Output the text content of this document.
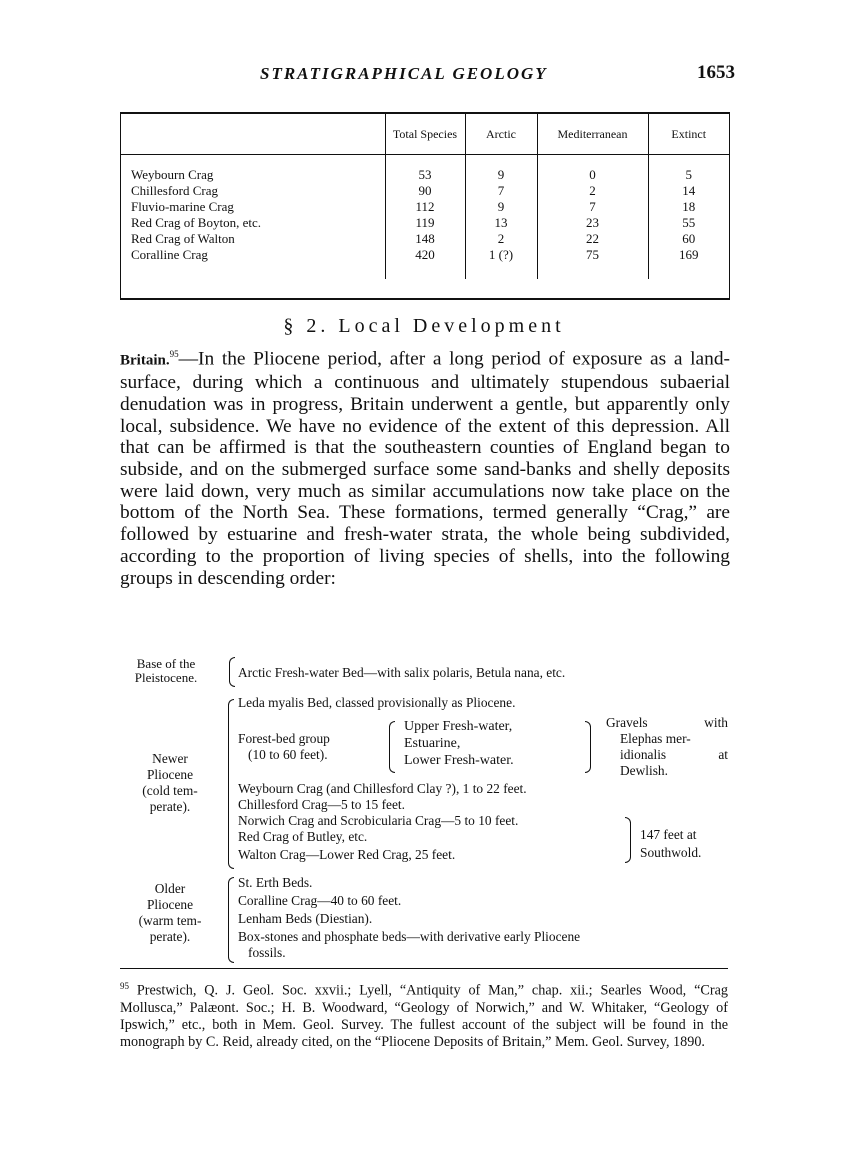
STRATIGRAPHICAL GEOLOGY	1653
	Total Species	Arctic	Mediterranean	Extinct

Weybourn Crag	53	9	0	5
Chillesford Crag	90	7	2	14
Fluvio-marine Crag	112	9	7	18
Red Crag of Boyton, etc.	119	13	23	55
Red Crag of Walton	148	2	22	60
Coralline Crag	420	1 (?)	75	169

§ 2. Local Development
Britain.$^{95}$—In the Pliocene period, after a long period of exposure as a land-surface, during which a continuous and ultimately stupendous subaerial denudation was in progress, Britain underwent a gentle, but apparently only local, subsidence. We have no evidence of the extent of this depression. All that can be affirmed is that the southeastern counties of England began to subside, and on the submerged surface some sand-banks and shelly deposits were laid down, very much as similar accumulations now take place on the bottom of the North Sea. These formations, termed generally “Crag,” are followed by estuarine and fresh-water strata, the whole being subdivided, according to the proportion of living species of shells, into the following groups in descending order:
Base of the
Pleistocene.	Arctic Fresh-water Bed—with salix polaris, Betula nana, etc.
Newer
Pliocene
(cold tem-
perate).
Leda myalis Bed, classed provisionally as Pliocene.
Forest-bed group
(10 to 60 feet).
Upper Fresh-water,
Estuarine,
Lower Fresh-water.
Gravels with
Elephas mer-
idionalis at
Dewlish.
Weybourn Crag (and Chillesford Clay ?), 1 to 22 feet.
Chillesford Crag—5 to 15 feet.
Norwich Crag and Scrobicularia Crag—5 to 10 feet.
Red Crag of Butley, etc.
Walton Crag—Lower Red Crag, 25 feet.
147 feet at
Southwold.
Older
Pliocene
(warm tem-
perate).
St. Erth Beds.
Coralline Crag—40 to 60 feet.
Lenham Beds (Diestian).
Box-stones and phosphate beds—with derivative early Pliocene
fossils.
$^{95}$ Prestwich, Q. J. Geol. Soc. xxvii.; Lyell, “Antiquity of Man,” chap. xii.; Searles Wood, “Crag Mollusca,” Palæont. Soc.; H. B. Woodward, “Geology of Norwich,” and W. Whitaker, “Geology of Ipswich,” etc., both in Mem. Geol. Survey. The fullest account of the subject will be found in the monograph by C. Reid, already cited, on the “Pliocene Deposits of Britain,” Mem. Geol. Survey, 1890.
